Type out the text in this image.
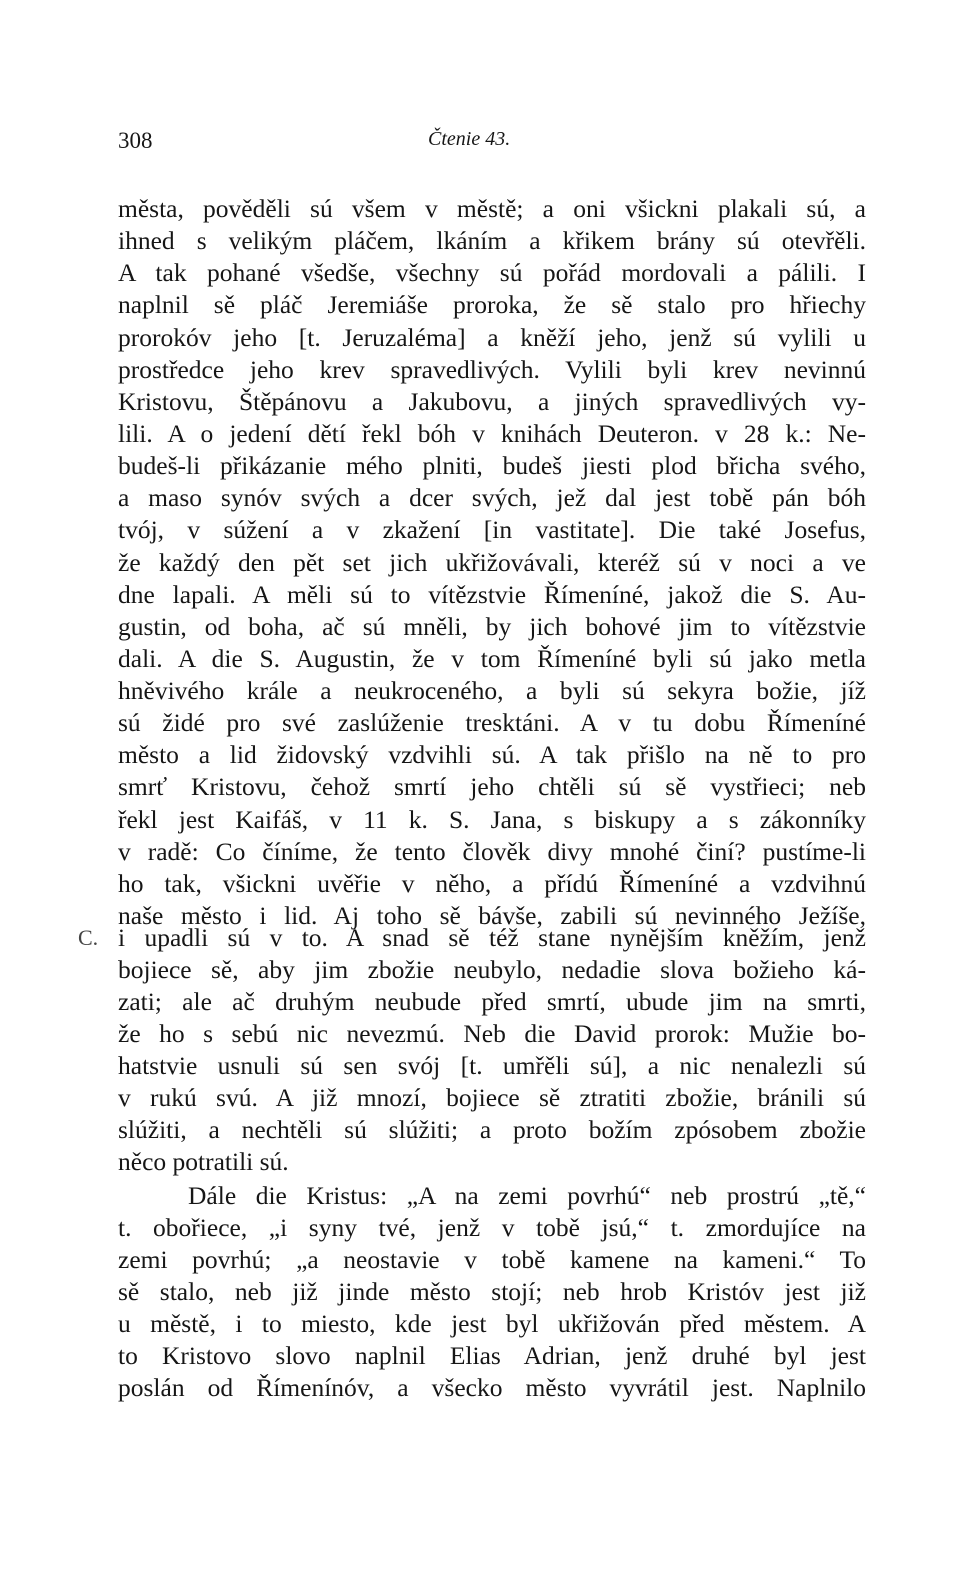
308	Čtenie 43.
C.
města, pověděli sú všem v městě; a oni všickni plakali sú, a
ihned s velikým pláčem, lkáním a křikem brány sú otevřěli.
A tak pohané všedše, všechny sú pořád mordovali a pálili. I
naplnil sě pláč Jeremiáše proroka, že sě stalo pro hřiechy
prorokóv jeho [t. Jeruzaléma] a kněží jeho, jenž sú vylili u
prostředce jeho krev spravedlivých. Vylili byli krev nevinnú
Kristovu, Štěpánovu a Jakubovu, a jiných spravedlivých vy-
lili. A o jedení dětí řekl bóh v knihách Deuteron. v 28 k.: Ne-
budeš-li přikázanie mého plniti, budeš jiesti plod břicha svého,
a maso synóv svých a dcer svých, jež dal jest tobě pán bóh
tvój, v súžení a v zkažení [in vastitate]. Die také Josefus,
že každý den pět set jich ukřižovávali, kteréž sú v noci a ve
dne lapali. A měli sú to vítězstvie Římeníné, jakož die S. Au-
gustin, od boha, ač sú mněli, by jich bohové jim to vítězstvie
dali. A die S. Augustin, že v tom Římeníné byli sú jako metla
hněvivého krále a neukroceného, a byli sú sekyra božie, jíž
sú židé pro své zaslúženie tresktáni. A v tu dobu Římeníné
město a lid židovský vzdvihli sú. A tak přišlo na ně to pro
smrť Kristovu, čehož smrtí jeho chtěli sú sě vystřieci; neb
řekl jest Kaifáš, v 11 k. S. Jana, s biskupy a s zákonníky
v radě: Co číníme, že tento člověk divy mnohé činí? pustíme-li
ho tak, všickni uvěřie v něho, a přídú Římeníné a vzdvihnú
naše město i lid. Aj toho sě bávše, zabili sú nevinného Ježíše,
i upadli sú v to. A snad sě též stane nynějším kněžím, jenž
bojiece sě, aby jim zbožie neubylo, nedadie slova božieho ká-
zati; ale ač druhým neubude před smrtí, ubude jim na smrti,
že ho s sebú nic nevezmú. Neb die David prorok: Mužie bo-
hatstvie usnuli sú sen svój [t. umřěli sú], a nic nenalezli sú
v rukú svú. A již mnozí, bojiece sě ztratiti zbožie, bránili sú
slúžiti, a nechtěli sú slúžiti; a proto božím zpósobem zbožie
něco potratili sú.
Dále die Kristus: „A na zemi povrhú“ neb prostrú „tě,“
t. obořiece, „i syny tvé, jenž v tobě jsú,“ t. zmordujíce na
zemi povrhú; „a neostavie v tobě kamene na kameni.“ To
sě stalo, neb již jinde město stojí; neb hrob Kristóv jest již
u městě, i to miesto, kde jest byl ukřižován před městem. A
to Kristovo slovo naplnil Elias Adrian, jenž druhé byl jest
poslán od Římenínóv, a všecko město vyvrátil jest. Naplnilo
